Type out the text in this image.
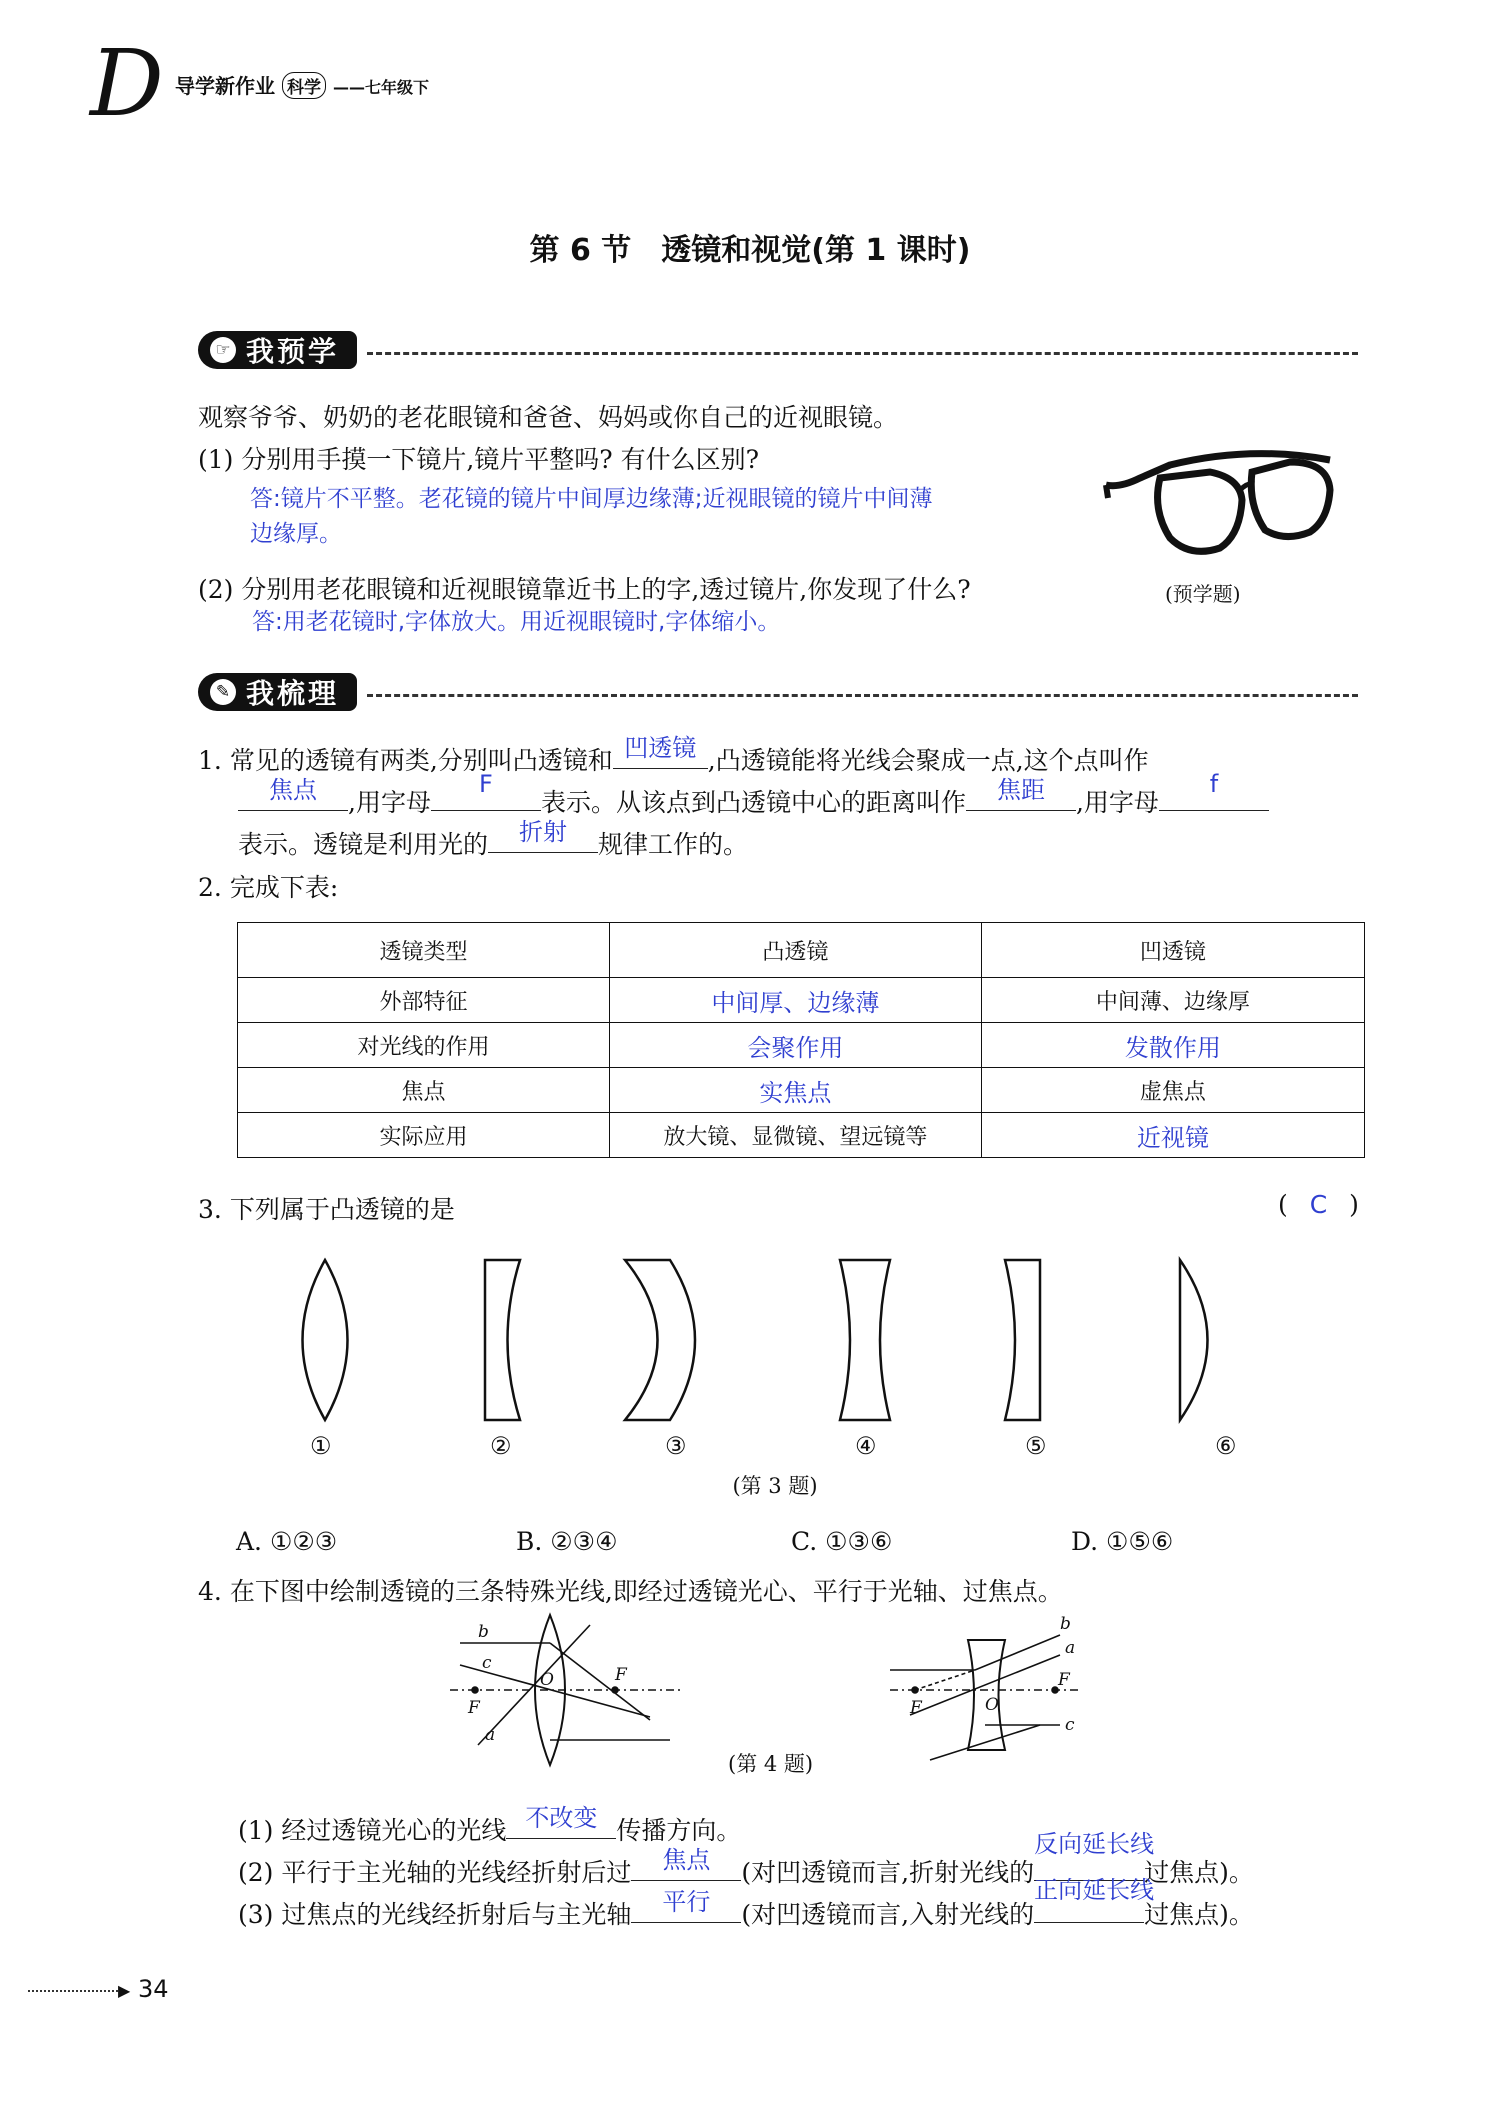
D 导学新作业 科学 ——七年级下
第 6 节　透镜和视觉(第 1 课时)
☞ 我预学
观察爷爷、奶奶的老花眼镜和爸爸、妈妈或你自己的近视眼镜。
(1) 分别用手摸一下镜片,镜片平整吗? 有什么区别?
答:镜片不平整。老花镜的镜片中间厚边缘薄;近视眼镜的镜片中间薄
边缘厚。
(2) 分别用老花眼镜和近视眼镜靠近书上的字,透过镜片,你发现了什么?
答:用老花镜时,字体放大。用近视眼镜时,字体缩小。
(预学题)
✎ 我梳理
1. 常见的透镜有两类,分别叫凸透镜和 凹透镜 ,凸透镜能将光线会聚成一点,这个点叫作
焦点	,用字母
F
表示。从该点到凸透镜中心的距离叫作	焦距	,用字母
f
表示。透镜是利用光的	折射	规律工作的。
2. 完成下表:
透镜类型	凸透镜	凹透镜
外部特征	中间厚、边缘薄	中间薄、边缘厚
对光线的作用	会聚作用	发散作用
焦点	实焦点	虚焦点
实际应用	放大镜、显微镜、望远镜等	近视镜
3. 下列属于凸透镜的是	( C )
①	②	③	④	⑤	⑥
(第 3 题)
A. ①②③	B. ②③④	C. ①③⑥	D. ①⑤⑥
4. 在下图中绘制透镜的三条特殊光线,即经过透镜光心、平行于光轴、过焦点。
b
c
O	F
F
a
b
a
F
F	O
c
(第 4 题)
(1) 经过透镜光心的光线 不改变 传播方向。
(2) 平行于主光轴的光线经折射后过	焦点	(对凹透镜而言,折射光线的
反向延长线
过焦点)。
(3) 过焦点的光线经折射后与主光轴	平行	(对凹透镜而言,入射光线的
正向延长线
过焦点)。
▶ 34
